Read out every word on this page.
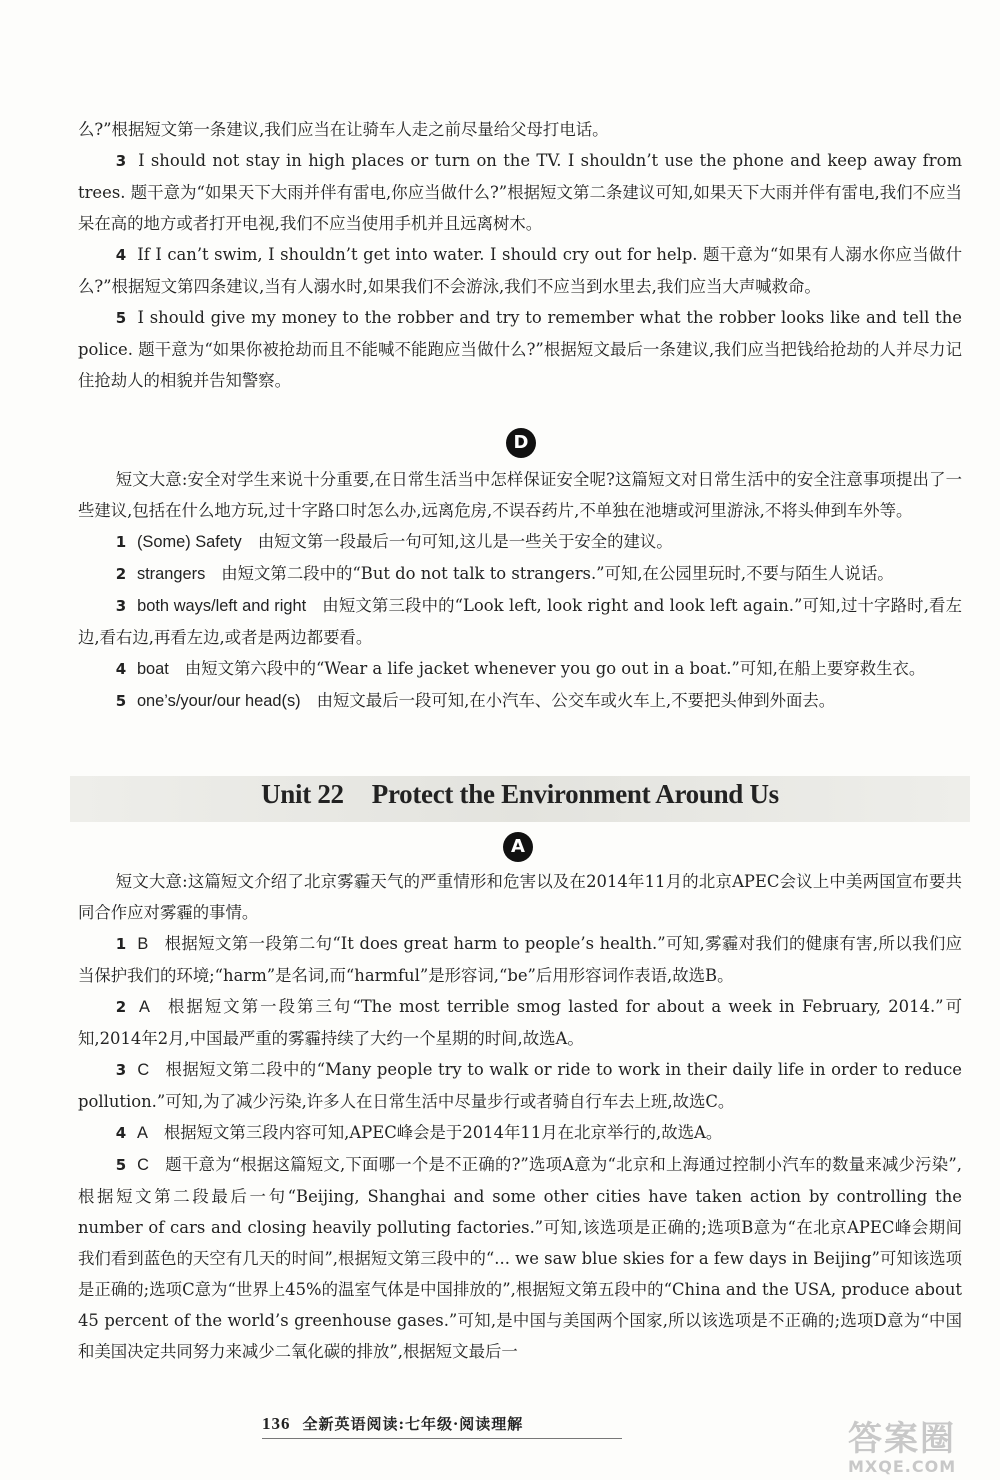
么?”根据短文第一条建议,我们应当在让骑车人走之前尽量给父母打电话。

3 I should not stay in high places or turn on the TV. I shouldn’t use the phone and keep away from trees. 题干意为“如果天下大雨并伴有雷电,你应当做什么?”根据短文第二条建议可知,如果天下大雨并伴有雷电,我们不应当呆在高的地方或者打开电视,我们不应当使用手机并且远离树木。

4 If I can’t swim, I shouldn’t get into water. I should cry out for help. 题干意为“如果有人溺水你应当做什么?”根据短文第四条建议,当有人溺水时,如果我们不会游泳,我们不应当到水里去,我们应当大声喊救命。

5 I should give my money to the robber and try to remember what the robber looks like and tell the police. 题干意为“如果你被抢劫而且不能喊不能跑应当做什么?”根据短文最后一条建议,我们应当把钱给抢劫的人并尽力记住抢劫人的相貌并告知警察。

D

短文大意:安全对学生来说十分重要,在日常生活当中怎样保证安全呢?这篇短文对日常生活中的安全注意事项提出了一些建议,包括在什么地方玩,过十字路口时怎么办,远离危房,不误吞药片,不单独在池塘或河里游泳,不将头伸到车外等。

1 (Some) Safety 由短文第一段最后一句可知,这儿是一些关于安全的建议。

2 strangers 由短文第二段中的“But do not talk to strangers.”可知,在公园里玩时,不要与陌生人说话。

3 both ways/left and right 由短文第三段中的“Look left, look right and look left again.”可知,过十字路时,看左边,看右边,再看左边,或者是两边都要看。

4 boat 由短文第六段中的“Wear a life jacket whenever you go out in a boat.”可知,在船上要穿救生衣。

5 one’s/your/our head(s) 由短文最后一段可知,在小汽车、公交车或火车上,不要把头伸到外面去。

Unit 22 Protect the Environment Around Us
A

短文大意:这篇短文介绍了北京雾霾天气的严重情形和危害以及在2014年11月的北京APEC会议上中美两国宣布要共同合作应对雾霾的事情。

1 B 根据短文第一段第二句“It does great harm to people’s health.”可知,雾霾对我们的健康有害,所以我们应当保护我们的环境;“harm”是名词,而“harmful”是形容词,“be”后用形容词作表语,故选B。

2 A 根据短文第一段第三句“The most terrible smog lasted for about a week in February, 2014.”可知,2014年2月,中国最严重的雾霾持续了大约一个星期的时间,故选A。

3 C 根据短文第二段中的“Many people try to walk or ride to work in their daily life in order to reduce pollution.”可知,为了减少污染,许多人在日常生活中尽量步行或者骑自行车去上班,故选C。

4 A 根据短文第三段内容可知,APEC峰会是于2014年11月在北京举行的,故选A。

5 C 题干意为“根据这篇短文,下面哪一个是不正确的?”选项A意为“北京和上海通过控制小汽车的数量来减少污染”,根据短文第二段最后一句“Beijing, Shanghai and some other cities have taken action by controlling the number of cars and closing heavily polluting factories.”可知,该选项是正确的;选项B意为“在北京APEC峰会期间我们看到蓝色的天空有几天的时间”,根据短文第三段中的“... we saw blue skies for a few days in Beijing”可知该选项是正确的;选项C意为“世界上45%的温室气体是中国排放的”,根据短文第五段中的“China and the USA, produce about 45 percent of the world’s greenhouse gases.”可知,是中国与美国两个国家,所以该选项是不正确的;选项D意为“中国和美国决定共同努力来减少二氧化碳的排放”,根据短文最后一

136 全新英语阅读:七年级·阅读理解	答案圈
MXQE.COM
